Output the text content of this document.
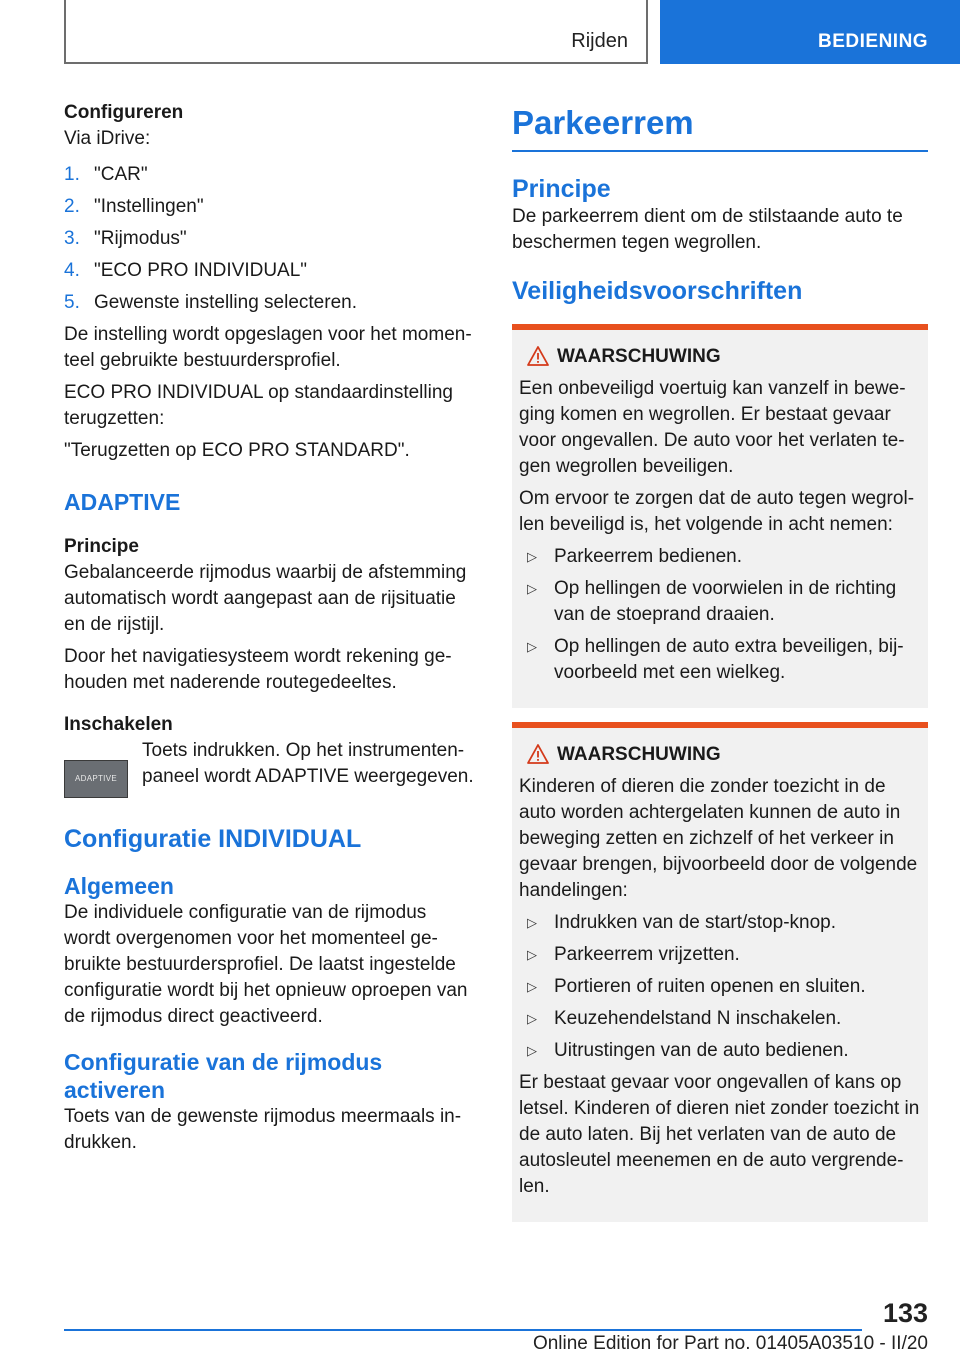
Rijden	BEDIENING
Configureren

Via iDrive:

1. "CAR"
2. "Instellingen"
3. "Rijmodus"
4. "ECO PRO INDIVIDUAL"
5. Gewenste instelling selecteren.

De instelling wordt opgeslagen voor het momenteel gebruikte bestuurdersprofiel.

ECO PRO INDIVIDUAL op standaardinstelling terugzetten:

"Terugzetten op ECO PRO STANDARD".

ADAPTIVE
Principe

Gebalanceerde rijmodus waarbij de afstemming automatisch wordt aangepast aan de rijsituatie en de rijstijl.

Door het navigatiesysteem wordt rekening gehouden met naderende routegedeeltes.

Inschakelen
ADAPTIVE

Toets indrukken. Op het instrumentenpaneel wordt ADAPTIVE weergegeven.

Configuratie INDIVIDUAL
Algemeen

De individuele configuratie van de rijmodus wordt overgenomen voor het momenteel gebruikte bestuurdersprofiel. De laatst ingestelde configuratie wordt bij het opnieuw oproepen van de rijmodus direct geactiveerd.

Configuratie van de rijmodus activeren

Toets van de gewenste rijmodus meermaals indrukken.

Parkeerrem
Principe

De parkeerrem dient om de stilstaande auto te beschermen tegen wegrollen.

Veiligheidsvoorschriften
WAARSCHUWING

Een onbeveiligd voertuig kan vanzelf in beweging komen en wegrollen. Er bestaat gevaar voor ongevallen. De auto voor het verlaten tegen wegrollen beveiligen.

Om ervoor te zorgen dat de auto tegen wegrollen beveiligd is, het volgende in acht nemen:

▷ Parkeerrem bedienen.
▷ Op hellingen de voorwielen in de richting van de stoeprand draaien.
▷ Op hellingen de auto extra beveiligen, bijvoorbeeld met een wielkeg.
WAARSCHUWING

Kinderen of dieren die zonder toezicht in de auto worden achtergelaten kunnen de auto in beweging zetten en zichzelf of het verkeer in gevaar brengen, bijvoorbeeld door de volgende handelingen:

▷ Indrukken van de start/stop-knop.
▷ Parkeerrem vrijzetten.
▷ Portieren of ruiten openen en sluiten.
▷ Keuzehendelstand N inschakelen.
▷ Uitrustingen van de auto bedienen.

Er bestaat gevaar voor ongevallen of kans op letsel. Kinderen of dieren niet zonder toezicht in de auto laten. Bij het verlaten van de auto de autosleutel meenemen en de auto vergrendelen.

133
Online Edition for Part no. 01405A03510 - II/20
